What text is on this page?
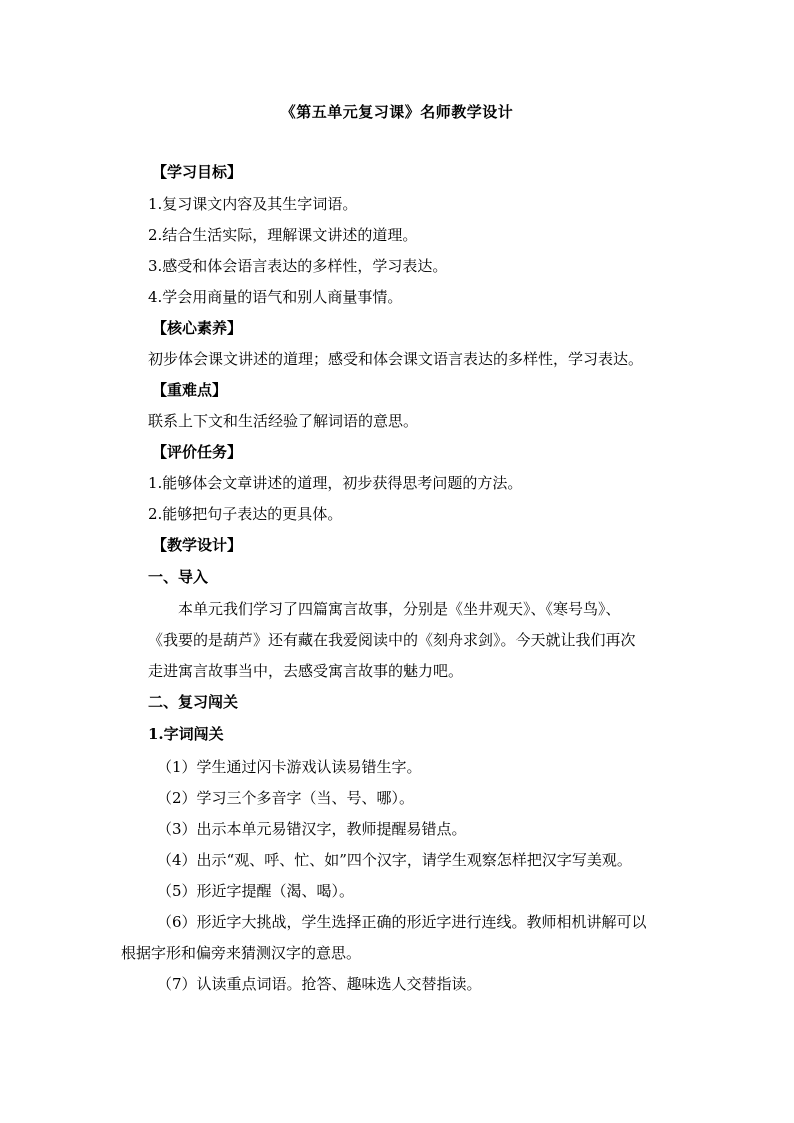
《第五单元复习课》名师教学设计
【学习目标】
1.复习课文内容及其生字词语。
2.结合生活实际，理解课文讲述的道理。
3.感受和体会语言表达的多样性，学习表达。
4.学会用商量的语气和别人商量事情。
【核心素养】
初步体会课文讲述的道理；感受和体会课文语言表达的多样性，学习表达。
【重难点】
联系上下文和生活经验了解词语的意思。
【评价任务】
1.能够体会文章讲述的道理，初步获得思考问题的方法。
2.能够把句子表达的更具体。
【教学设计】
一、导入
本单元我们学习了四篇寓言故事，分别是《坐井观天》、《寒号鸟》、
《我要的是葫芦》还有藏在我爱阅读中的《刻舟求剑》。今天就让我们再次
走进寓言故事当中，去感受寓言故事的魅力吧。
二、复习闯关
1.字词闯关
（1）学生通过闪卡游戏认读易错生字。
（2）学习三个多音字（当、号、哪）。
（3）出示本单元易错汉字，教师提醒易错点。
（4）出示“观、呼、忙、如”四个汉字，请学生观察怎样把汉字写美观。
（5）形近字提醒（渴、喝）。
（6）形近字大挑战，学生选择正确的形近字进行连线。教师相机讲解可以
根据字形和偏旁来猜测汉字的意思。
（7）认读重点词语。抢答、趣味选人交替指读。
